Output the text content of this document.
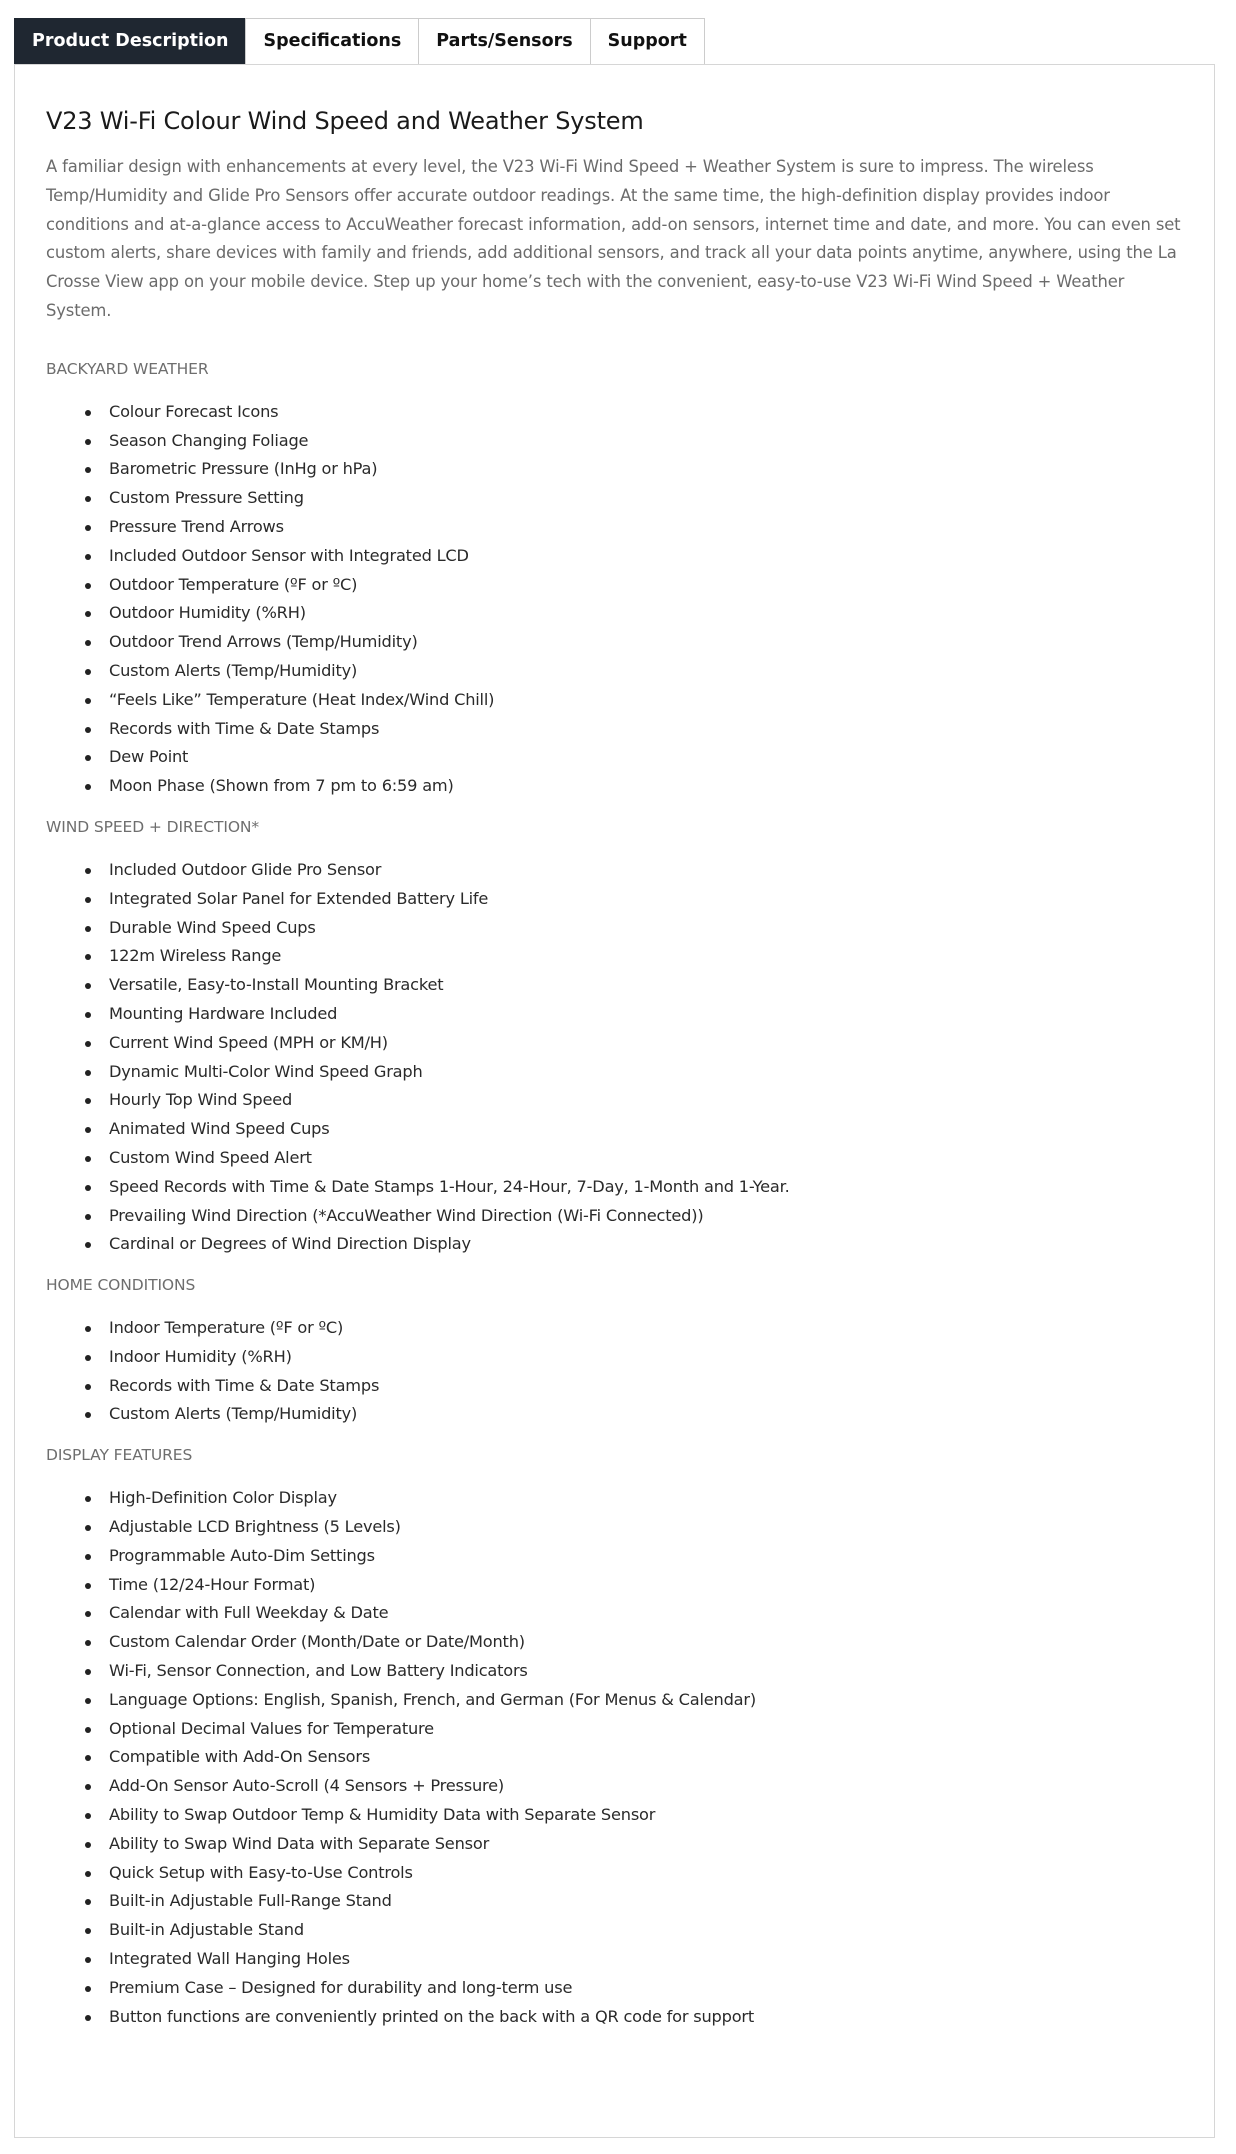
Product Description	Specifications	Parts/Sensors	Support
V23 Wi-Fi Colour Wind Speed and Weather System

A familiar design with enhancements at every level, the V23 Wi-Fi Wind Speed + Weather System is sure to impress. The wireless Temp/Humidity and Glide Pro Sensors offer accurate outdoor readings. At the same time, the high-definition display provides indoor conditions and at-a-glance access to AccuWeather forecast information, add-on sensors, internet time and date, and more. You can even set custom alerts, share devices with family and friends, add additional sensors, and track all your data points anytime, anywhere, using the La Crosse View app on your mobile device. Step up your home’s tech with the convenient, easy-to-use V23 Wi-Fi Wind Speed + Weather System.

BACKYARD WEATHER

Colour Forecast Icons
Season Changing Foliage
Barometric Pressure (InHg or hPa)
Custom Pressure Setting
Pressure Trend Arrows
Included Outdoor Sensor with Integrated LCD
Outdoor Temperature (ºF or ºC)
Outdoor Humidity (%RH)
Outdoor Trend Arrows (Temp/Humidity)
Custom Alerts (Temp/Humidity)
“Feels Like” Temperature (Heat Index/Wind Chill)
Records with Time & Date Stamps
Dew Point
Moon Phase (Shown from 7 pm to 6:59 am)

WIND SPEED + DIRECTION*

Included Outdoor Glide Pro Sensor
Integrated Solar Panel for Extended Battery Life
Durable Wind Speed Cups
122m Wireless Range
Versatile, Easy-to-Install Mounting Bracket
Mounting Hardware Included
Current Wind Speed (MPH or KM/H)
Dynamic Multi-Color Wind Speed Graph
Hourly Top Wind Speed
Animated Wind Speed Cups
Custom Wind Speed Alert
Speed Records with Time & Date Stamps 1-Hour, 24-Hour, 7-Day, 1-Month and 1-Year.
Prevailing Wind Direction (*AccuWeather Wind Direction (Wi-Fi Connected))
Cardinal or Degrees of Wind Direction Display

HOME CONDITIONS

Indoor Temperature (ºF or ºC)
Indoor Humidity (%RH)
Records with Time & Date Stamps
Custom Alerts (Temp/Humidity)

DISPLAY FEATURES

High-Definition Color Display
Adjustable LCD Brightness (5 Levels)
Programmable Auto-Dim Settings
Time (12/24-Hour Format)
Calendar with Full Weekday & Date
Custom Calendar Order (Month/Date or Date/Month)
Wi-Fi, Sensor Connection, and Low Battery Indicators
Language Options: English, Spanish, French, and German (For Menus & Calendar)
Optional Decimal Values for Temperature
Compatible with Add-On Sensors
Add-On Sensor Auto-Scroll (4 Sensors + Pressure)
Ability to Swap Outdoor Temp & Humidity Data with Separate Sensor
Ability to Swap Wind Data with Separate Sensor
Quick Setup with Easy-to-Use Controls
Built-in Adjustable Full-Range Stand
Built-in Adjustable Stand
Integrated Wall Hanging Holes
Premium Case – Designed for durability and long-term use
Button functions are conveniently printed on the back with a QR code for support
